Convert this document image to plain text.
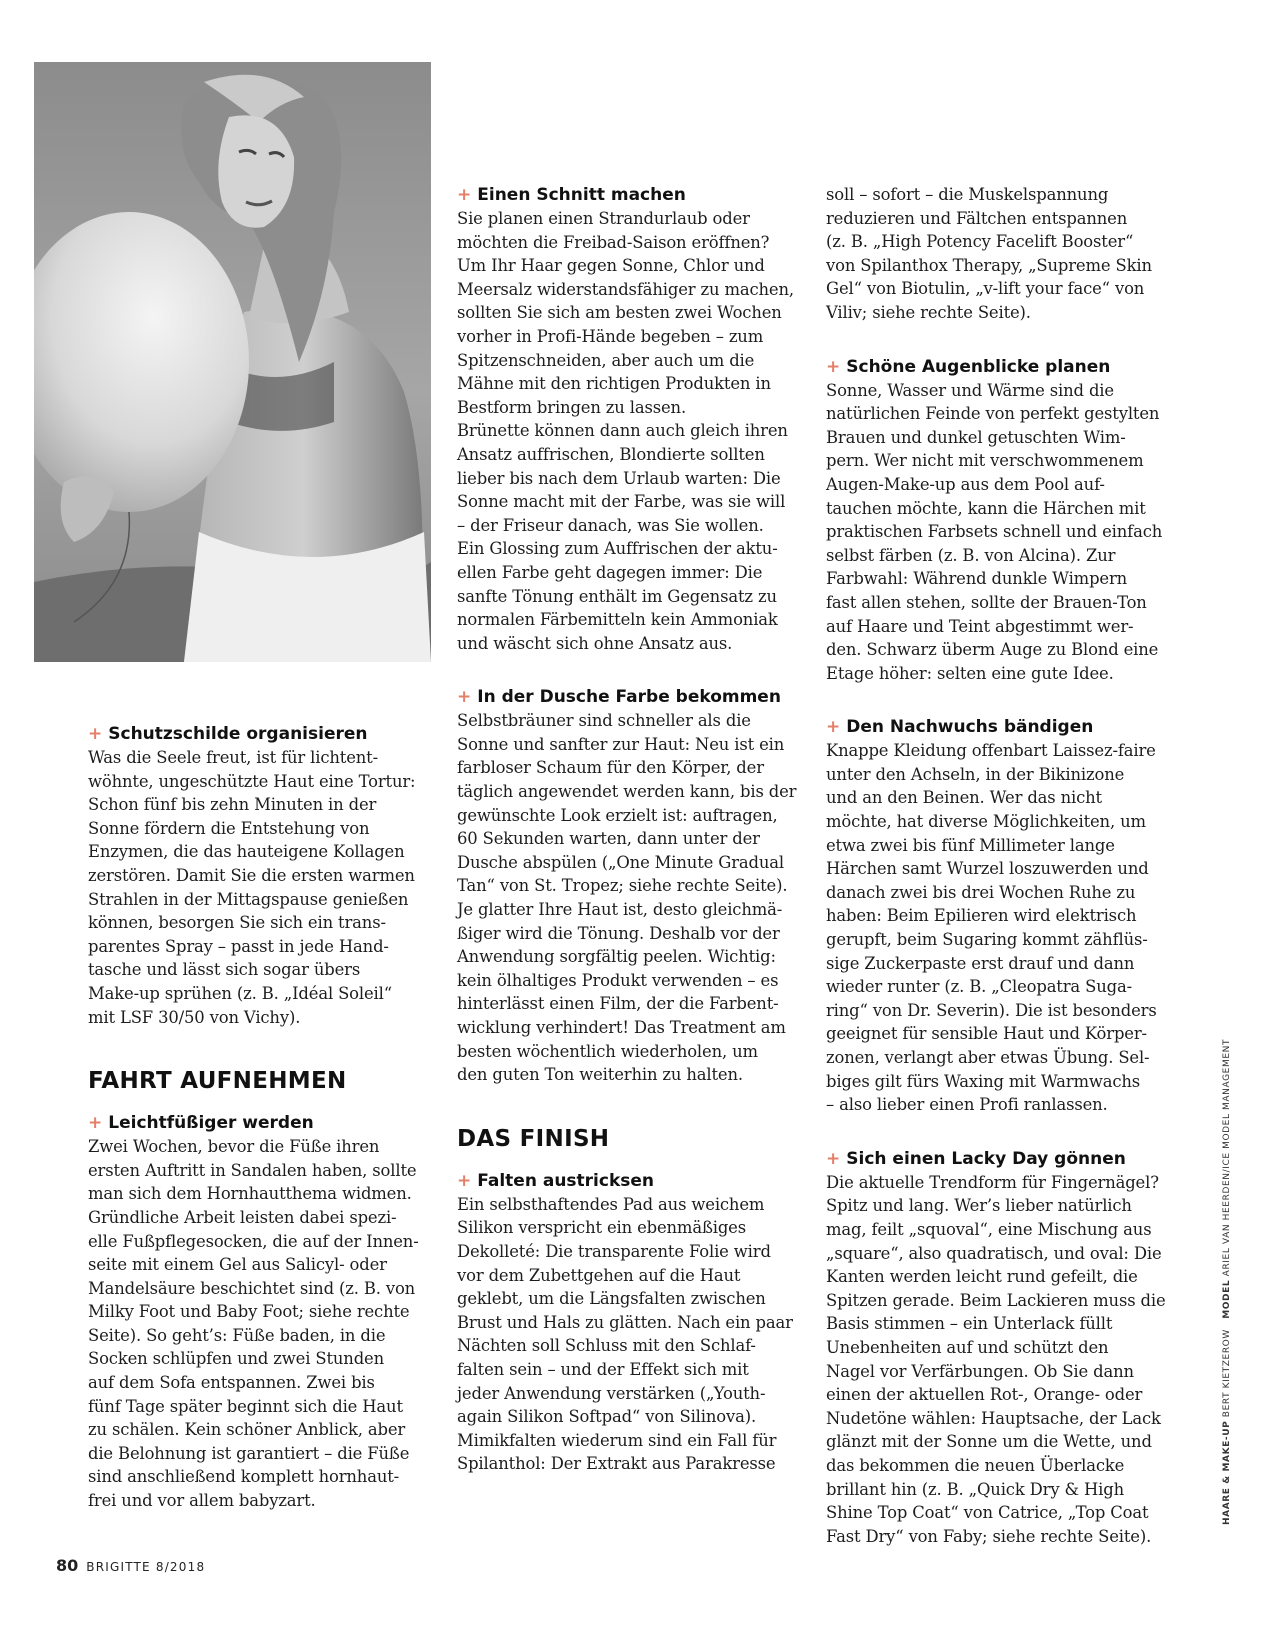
+ Schutzschilde organisieren

Was die Seele freut, ist für lichtent-
wöhnte, ungeschützte Haut eine Tortur:
Schon fünf bis zehn Minuten in der
Sonne fördern die Entstehung von
Enzymen, die das hauteigene Kollagen
zerstören. Damit Sie die ersten warmen
Strahlen in der Mittagspause genießen
können, besorgen Sie sich ein trans-
parentes Spray – passt in jede Hand-
tasche und lässt sich sogar übers
Make-up sprühen (z. B. „Idéal Soleil“
mit LSF 30/50 von Vichy).

FAHRT AUFNEHMEN
+ Leichtfüßiger werden

Zwei Wochen, bevor die Füße ihren
ersten Auftritt in Sandalen haben, sollte
man sich dem Hornhautthema widmen.
Gründliche Arbeit leisten dabei spezi-
elle Fußpflegesocken, die auf der Innen-
seite mit einem Gel aus Salicyl- oder
Mandelsäure beschichtet sind (z. B. von
Milky Foot und Baby Foot; siehe rechte
Seite). So geht’s: Füße baden, in die
Socken schlüpfen und zwei Stunden
auf dem Sofa entspannen. Zwei bis
fünf Tage später beginnt sich die Haut
zu schälen. Kein schöner Anblick, aber
die Belohnung ist garantiert – die Füße
sind anschließend komplett hornhaut-
frei und vor allem babyzart.

+ Einen Schnitt machen

Sie planen einen Strandurlaub oder
möchten die Freibad-Saison eröffnen?
Um Ihr Haar gegen Sonne, Chlor und
Meersalz widerstandsfähiger zu machen,
sollten Sie sich am besten zwei Wochen
vorher in Profi-Hände begeben – zum
Spitzenschneiden, aber auch um die
Mähne mit den richtigen Produkten in
Bestform bringen zu lassen.
Brünette können dann auch gleich ihren
Ansatz auffrischen, Blondierte sollten
lieber bis nach dem Urlaub warten: Die
Sonne macht mit der Farbe, was sie will
– der Friseur danach, was Sie wollen.
Ein Glossing zum Auffrischen der aktu-
ellen Farbe geht dagegen immer: Die
sanfte Tönung enthält im Gegensatz zu
normalen Färbemitteln kein Ammoniak
und wäscht sich ohne Ansatz aus.

+ In der Dusche Farbe bekommen

Selbstbräuner sind schneller als die
Sonne und sanfter zur Haut: Neu ist ein
farbloser Schaum für den Körper, der
täglich angewendet werden kann, bis der
gewünschte Look erzielt ist: auftragen,
60 Sekunden warten, dann unter der
Dusche abspülen („One Minute Gradual
Tan“ von St. Tropez; siehe rechte Seite).
Je glatter Ihre Haut ist, desto gleichmä-
ßiger wird die Tönung. Deshalb vor der
Anwendung sorgfältig peelen. Wichtig:
kein ölhaltiges Produkt verwenden – es
hinterlässt einen Film, der die Farbent-
wicklung verhindert! Das Treatment am
besten wöchentlich wiederholen, um
den guten Ton weiterhin zu halten.

DAS FINISH
+ Falten austricksen

Ein selbsthaftendes Pad aus weichem
Silikon verspricht ein ebenmäßiges
Dekolleté: Die transparente Folie wird
vor dem Zubettgehen auf die Haut
geklebt, um die Längsfalten zwischen
Brust und Hals zu glätten. Nach ein paar
Nächten soll Schluss mit den Schlaf-
falten sein – und der Effekt sich mit
jeder Anwendung verstärken („Youth-
again Silikon Softpad“ von Silinova).
Mimikfalten wiederum sind ein Fall für
Spilanthol: Der Extrakt aus Parakresse

soll – sofort – die Muskelspannung
reduzieren und Fältchen entspannen
(z. B. „High Potency Facelift Booster“
von Spilanthox Therapy, „Supreme Skin
Gel“ von Biotulin, „v-lift your face“ von
Viliv; siehe rechte Seite).

+ Schöne Augenblicke planen

Sonne, Wasser und Wärme sind die
natürlichen Feinde von perfekt gestylten
Brauen und dunkel getuschten Wim-
pern. Wer nicht mit verschwommenem
Augen-Make-up aus dem Pool auf-
tauchen möchte, kann die Härchen mit
praktischen Farbsets schnell und einfach
selbst färben (z. B. von Alcina). Zur
Farbwahl: Während dunkle Wimpern
fast allen stehen, sollte der Brauen-Ton
auf Haare und Teint abgestimmt wer-
den. Schwarz überm Auge zu Blond eine
Etage höher: selten eine gute Idee.

+ Den Nachwuchs bändigen

Knappe Kleidung offenbart Laissez-faire
unter den Achseln, in der Bikinizone
und an den Beinen. Wer das nicht
möchte, hat diverse Möglichkeiten, um
etwa zwei bis fünf Millimeter lange
Härchen samt Wurzel loszuwerden und
danach zwei bis drei Wochen Ruhe zu
haben: Beim Epilieren wird elektrisch
gerupft, beim Sugaring kommt zähflüs-
sige Zuckerpaste erst drauf und dann
wieder runter (z. B. „Cleopatra Suga-
ring“ von Dr. Severin). Die ist besonders
geeignet für sensible Haut und Körper-
zonen, verlangt aber etwas Übung. Sel-
biges gilt fürs Waxing mit Warmwachs
– also lieber einen Profi ranlassen.

+ Sich einen Lacky Day gönnen

Die aktuelle Trendform für Fingernägel?
Spitz und lang. Wer’s lieber natürlich
mag, feilt „squoval“, eine Mischung aus
„square“, also quadratisch, und oval: Die
Kanten werden leicht rund gefeilt, die
Spitzen gerade. Beim Lackieren muss die
Basis stimmen – ein Unterlack füllt
Unebenheiten auf und schützt den
Nagel vor Verfärbungen. Ob Sie dann
einen der aktuellen Rot-, Orange- oder
Nudetöne wählen: Hauptsache, der Lack
glänzt mit der Sonne um die Wette, und
das bekommen die neuen Überlacke
brillant hin (z. B. „Quick Dry & High
Shine Top Coat“ von Catrice, „Top Coat
Fast Dry“ von Faby; siehe rechte Seite).

80 BRIGITTE 8/2018
HAARE & MAKE-UP BERT KIETZEROW   MODEL ARIEL VAN HEERDEN/ICE MODEL MANAGEMENT
